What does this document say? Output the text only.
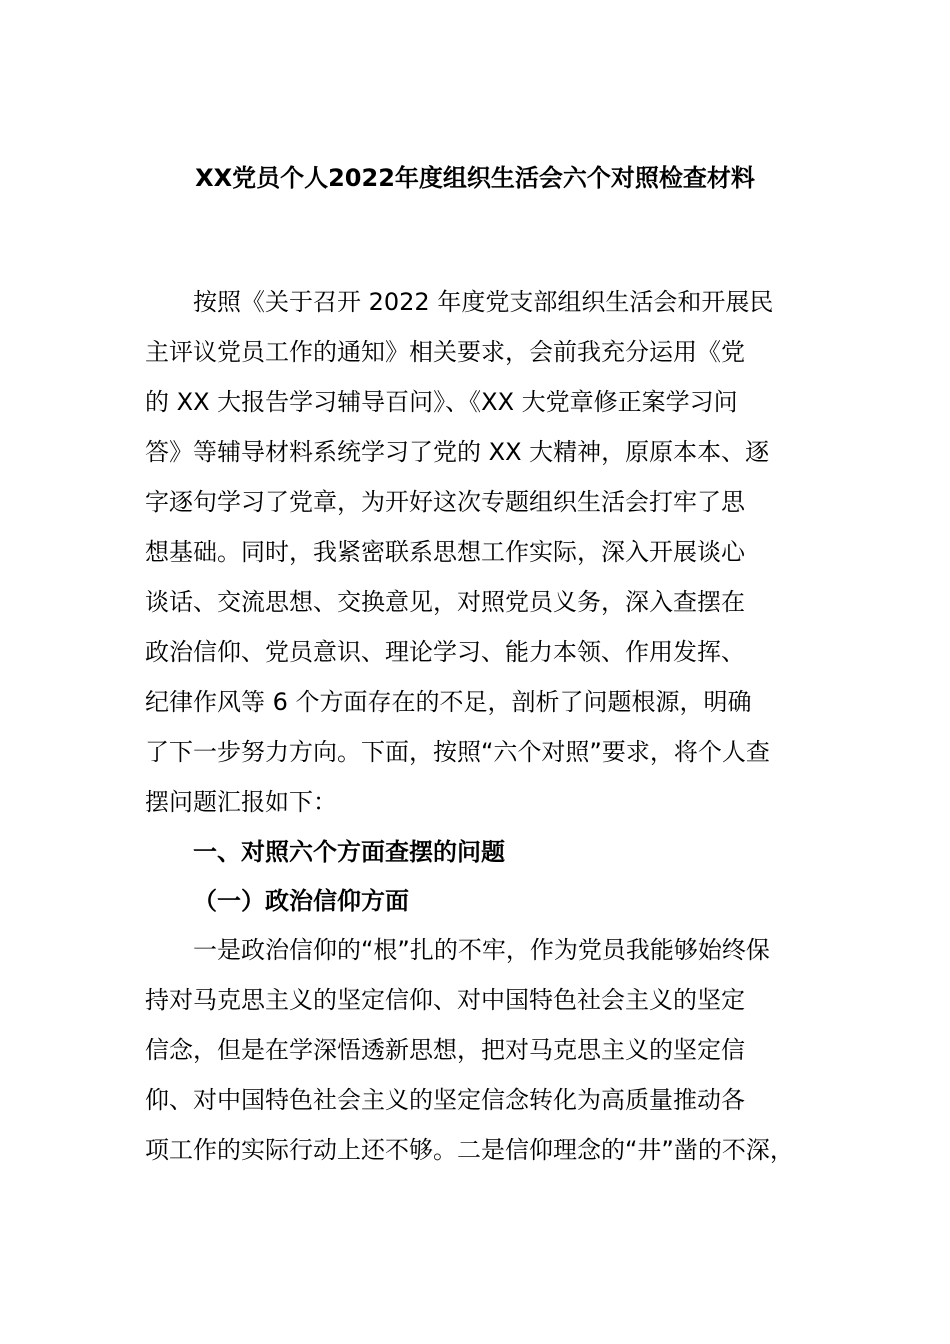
XX党员个人2022年度组织生活会六个对照检查材料
按照《关于召开 2022 年度党支部组织生活会和开展民
主评议党员工作的通知》相关要求，会前我充分运用《党
的 XX 大报告学习辅导百问》、《XX 大党章修正案学习问
答》等辅导材料系统学习了党的 XX 大精神，原原本本、逐
字逐句学习了党章，为开好这次专题组织生活会打牢了思
想基础。同时，我紧密联系思想工作实际，深入开展谈心
谈话、交流思想、交换意见，对照党员义务，深入查摆在
政治信仰、党员意识、理论学习、能力本领、作用发挥、
纪律作风等 6 个方面存在的不足，剖析了问题根源，明确
了下一步努力方向。下面，按照“六个对照”要求，将个人查
摆问题汇报如下：
一、对照六个方面查摆的问题
（一）政治信仰方面
一是政治信仰的“根”扎的不牢，作为党员我能够始终保
持对马克思主义的坚定信仰、对中国特色社会主义的坚定
信念，但是在学深悟透新思想，把对马克思主义的坚定信
仰、对中国特色社会主义的坚定信念转化为高质量推动各
项工作的实际行动上还不够。二是信仰理念的“井”凿的不深，
